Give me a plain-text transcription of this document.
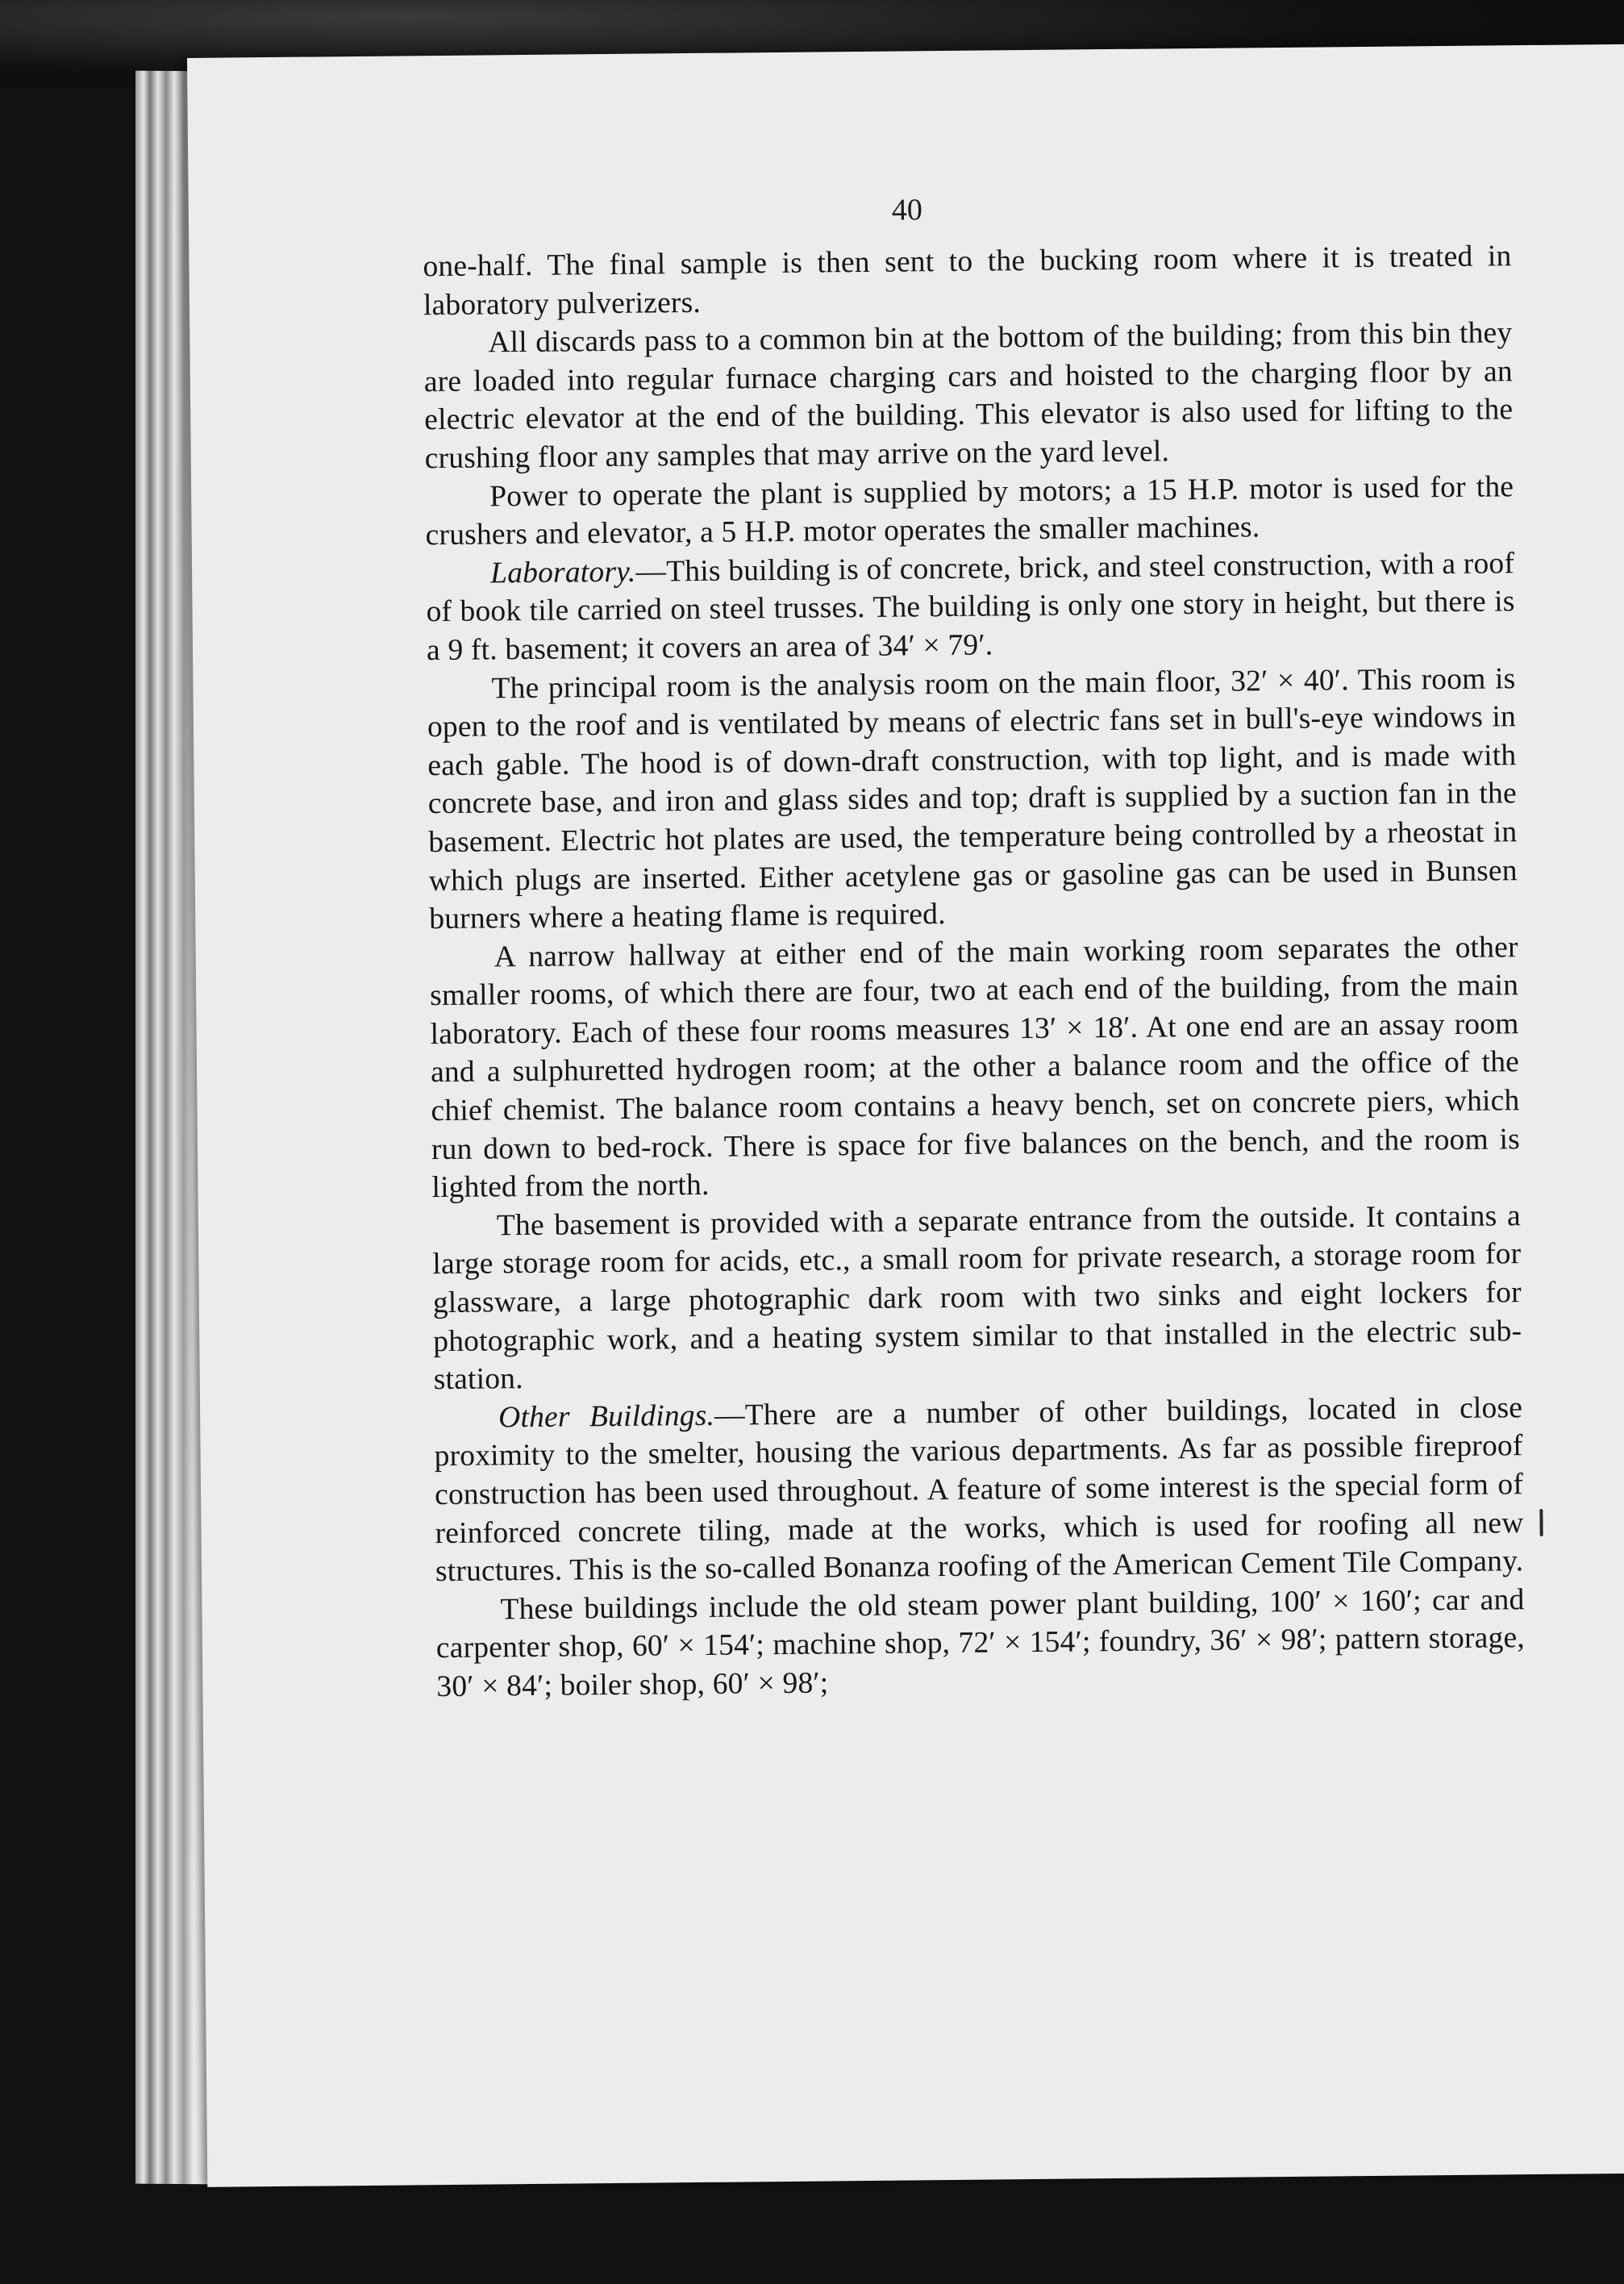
40

one-half. The final sample is then sent to the bucking room where it is treated in laboratory pulverizers.

All discards pass to a common bin at the bottom of the building; from this bin they are loaded into regular furnace charging cars and hoisted to the charging floor by an electric elevator at the end of the building. This elevator is also used for lifting to the crushing floor any samples that may arrive on the yard level.

Power to operate the plant is supplied by motors; a 15 H.P. motor is used for the crushers and elevator, a 5 H.P. motor operates the smaller machines.

Laboratory.—This building is of concrete, brick, and steel construction, with a roof of book tile carried on steel trusses. The building is only one story in height, but there is a 9 ft. basement; it covers an area of 34′ × 79′.

The principal room is the analysis room on the main floor, 32′ × 40′. This room is open to the roof and is ventilated by means of electric fans set in bull's-eye windows in each gable. The hood is of down-draft construction, with top light, and is made with concrete base, and iron and glass sides and top; draft is supplied by a suction fan in the basement. Electric hot plates are used, the temperature being controlled by a rheostat in which plugs are inserted. Either acetylene gas or gasoline gas can be used in Bunsen burners where a heating flame is required.

A narrow hallway at either end of the main working room separates the other smaller rooms, of which there are four, two at each end of the building, from the main laboratory. Each of these four rooms measures 13′ × 18′. At one end are an assay room and a sulphuretted hydrogen room; at the other a balance room and the office of the chief chemist. The balance room contains a heavy bench, set on concrete piers, which run down to bed-rock. There is space for five balances on the bench, and the room is lighted from the north.

The basement is provided with a separate entrance from the outside. It contains a large storage room for acids, etc., a small room for private research, a storage room for glassware, a large photographic dark room with two sinks and eight lockers for photographic work, and a heating system similar to that installed in the electric sub-station.

Other Buildings.—There are a number of other buildings, located in close proximity to the smelter, housing the various departments. As far as possible fireproof construction has been used throughout. A feature of some interest is the special form of reinforced concrete tiling, made at the works, which is used for roofing all new structures. This is the so-called Bonanza roofing of the American Cement Tile Company.

These buildings include the old steam power plant building, 100′ × 160′; car and carpenter shop, 60′ × 154′; machine shop, 72′ × 154′; foundry, 36′ × 98′; pattern storage, 30′ × 84′; boiler shop, 60′ × 98′;
